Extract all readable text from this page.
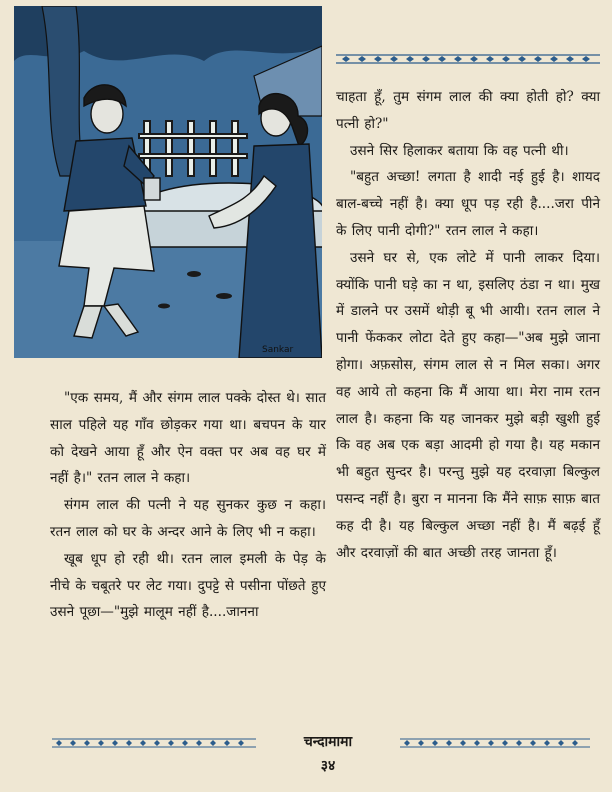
Sankar

चाहता हूँ, तुम संगम लाल की क्या होती हो? क्या पत्नी हो?"

उसने सिर हिलाकर बताया कि वह पत्नी थी।

"बहुत अच्छा! लगता है शादी नई हुई है। शायद बाल-बच्चे नहीं है। क्या धूप पड़ रही है....जरा पीने के लिए पानी दोगी?" रतन लाल ने कहा।

उसने घर से, एक लोटे में पानी लाकर दिया। क्योंकि पानी घड़े का न था, इसलिए ठंडा न था। मुख में डालने पर उसमें थोड़ी बू भी आयी। रतन लाल ने पानी फेंककर लोटा देते हुए कहा—"अब मुझे जाना होगा। अफ़सोस, संगम लाल से न मिल सका। अगर वह आये तो कहना कि मैं आया था। मेरा नाम रतन लाल है। कहना कि यह जानकर मुझे बड़ी खुशी हुई कि वह अब एक बड़ा आदमी हो गया है। यह मकान भी बहुत सुन्दर है। परन्तु मुझे यह दरवाज़ा बिल्कुल पसन्द नहीं है। बुरा न मानना कि मैंने साफ़ साफ़ बात कह दी है। यह बिल्कुल अच्छा नहीं है। मैं बढ़ई हूँ और दरवाज़ों की बात अच्छी तरह जानता हूँ।

"एक समय, मैं और संगम लाल पक्के दोस्त थे। सात साल पहिले यह गाँव छोड़कर गया था। बचपन के यार को देखने आया हूँ और ऐन वक्त पर अब वह घर में नहीं है।" रतन लाल ने कहा।

संगम लाल की पत्नी ने यह सुनकर कुछ न कहा। रतन लाल को घर के अन्दर आने के लिए भी न कहा।

खूब धूप हो रही थी। रतन लाल इमली के पेड़ के नीचे के चबूतरे पर लेट गया। दुपट्टे से पसीना पोंछते हुए उसने पूछा—"मुझे मालूम नहीं है....जानना

चन्दामामा
३४
